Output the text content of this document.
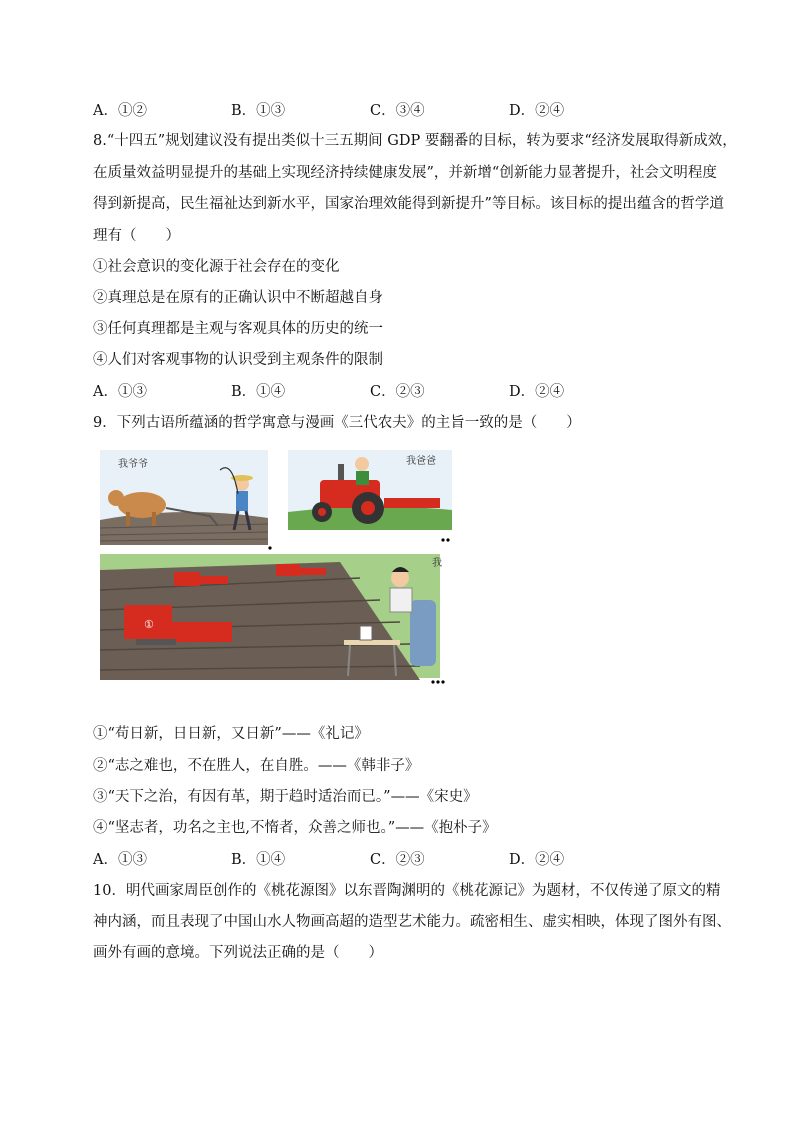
A．①②	B．①③	C．③④	D．②④
8.“十四五”规划建议没有提出类似十三五期间 GDP 要翻番的目标，转为要求“经济发展取得新成效，
在质量效益明显提升的基础上实现经济持续健康发展”，并新增“创新能力显著提升，社会文明程度
得到新提高，民生福祉达到新水平，国家治理效能得到新提升”等目标。该目标的提出蕴含的哲学道
理有（　　）
①社会意识的变化源于社会存在的变化
②真理总是在原有的正确认识中不断超越自身
③任何真理都是主观与客观具体的历史的统一
④人们对客观事物的认识受到主观条件的限制
A．①③	B．①④	C．②③	D．②④
9．下列古语所蕴涵的哲学寓意与漫画《三代农夫》的主旨一致的是（　　）
我爷爷	我爸爸
①
我
①“苟日新，日日新，又日新”——《礼记》
②“志之难也，不在胜人，在自胜。——《韩非子》
③“天下之治，有因有革，期于趋时适治而已。”——《宋史》
④“坚志者，功名之主也,不惰者，众善之师也。”——《抱朴子》
A．①③	B．①④	C．②③	D．②④
10．明代画家周臣创作的《桃花源图》以东晋陶渊明的《桃花源记》为题材，不仅传递了原文的精
神内涵，而且表现了中国山水人物画高超的造型艺术能力。疏密相生、虚实相映，体现了图外有图、
画外有画的意境。下列说法正确的是（　　）
